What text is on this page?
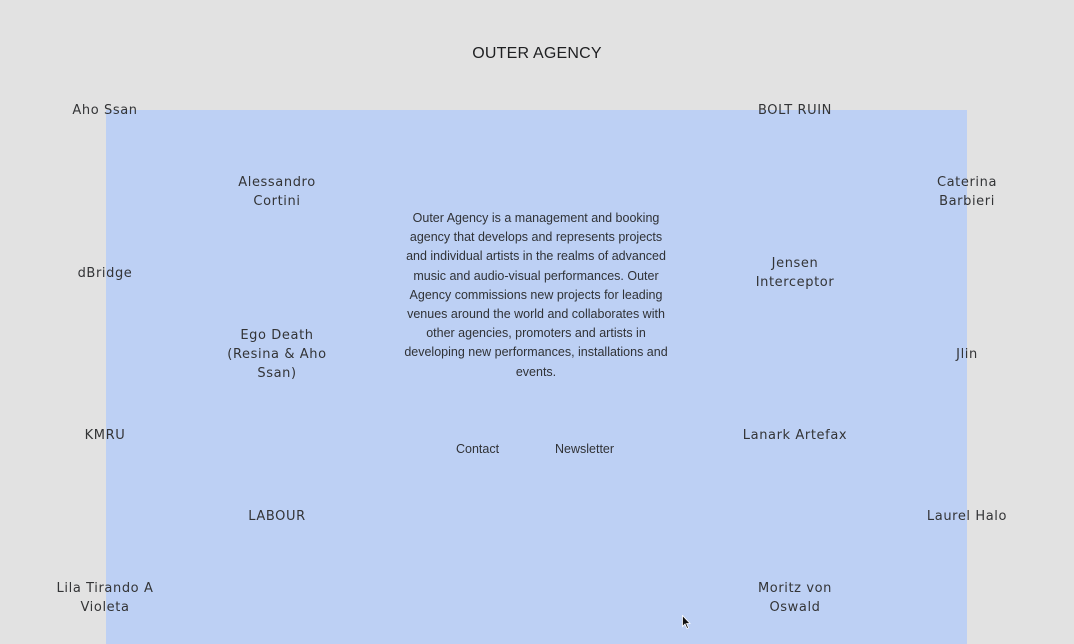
OUTER AGENCY
Aho Ssan	BOLT RUIN
Alessandro Cortini
Caterina Barbieri
dBridge
Jensen Interceptor
Ego Death (Resina & Aho Ssan)
Jlin
KMRU	Lanark Artefax
LABOUR	Laurel Halo
Lila Tirando A Violeta
Moritz von Oswald
Outer Agency is a management and booking agency that develops and represents projects and individual artists in the realms of advanced music and audio-visual performances. Outer Agency commissions new projects for leading venues around the world and collaborates with other agencies, promoters and artists in developing new performances, installations and events.
Contact	Newsletter
